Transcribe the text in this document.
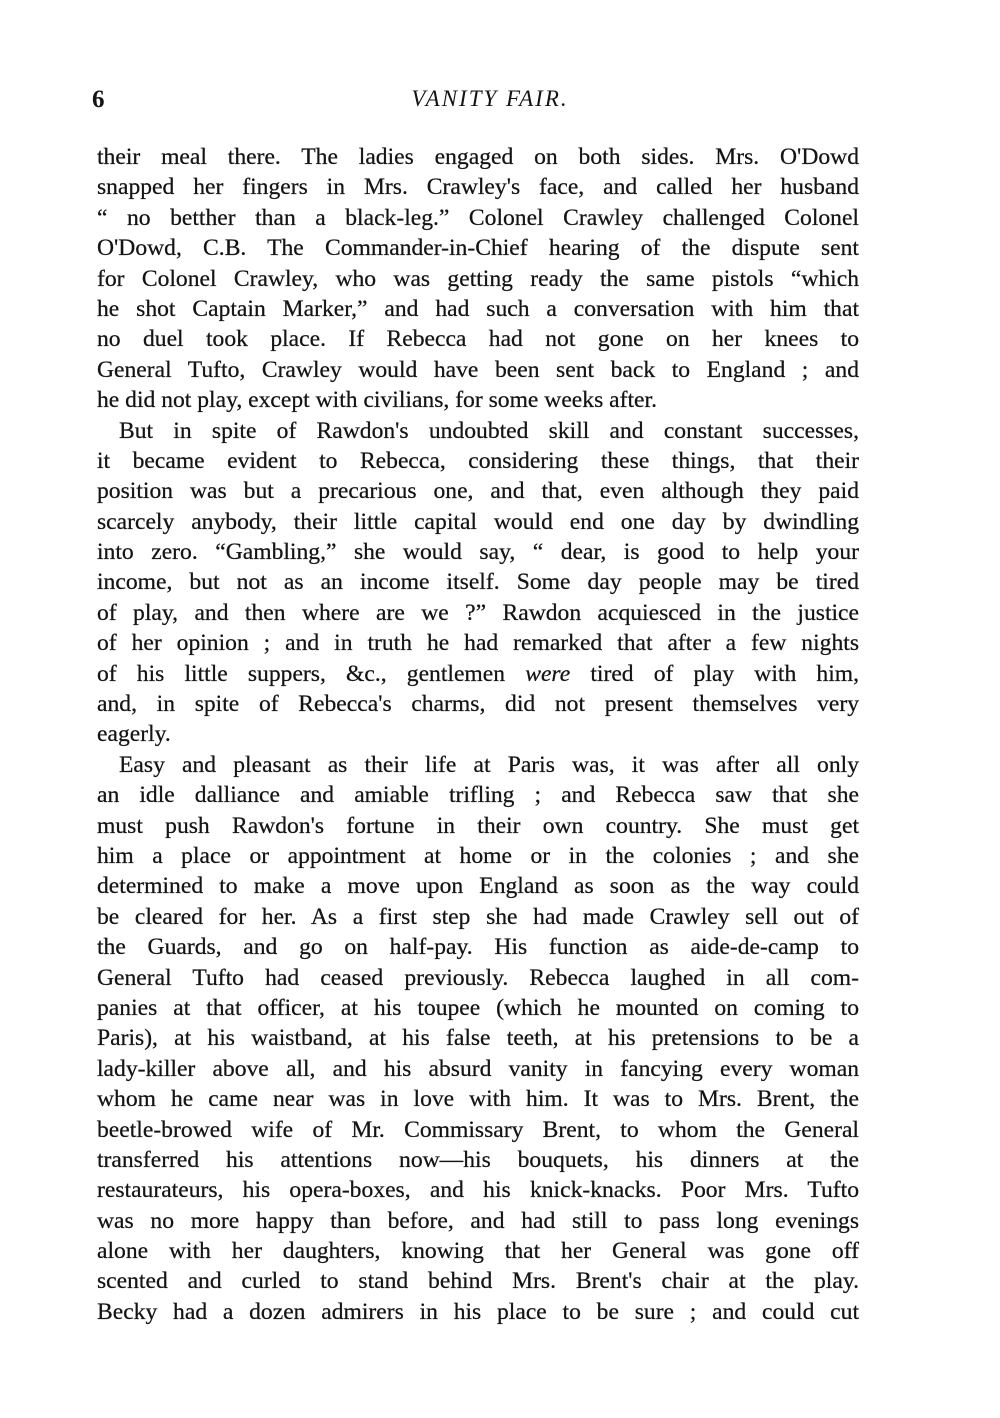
6	VANITY FAIR.
their meal there. The ladies engaged on both sides. Mrs. O'Dowd
snapped her fingers in Mrs. Crawley's face, and called her husband
“ no betther than a black-leg.” Colonel Crawley challenged Colonel
O'Dowd, C.B. The Commander-in-Chief hearing of the dispute sent
for Colonel Crawley, who was getting ready the same pistols “which
he shot Captain Marker,” and had such a conversation with him that
no duel took place. If Rebecca had not gone on her knees to
General Tufto, Crawley would have been sent back to England ; and
he did not play, except with civilians, for some weeks after.
But in spite of Rawdon's undoubted skill and constant successes,
it became evident to Rebecca, considering these things, that their
position was but a precarious one, and that, even although they paid
scarcely anybody, their little capital would end one day by dwindling
into zero. “Gambling,” she would say, “ dear, is good to help your
income, but not as an income itself. Some day people may be tired
of play, and then where are we ?” Rawdon acquiesced in the justice
of her opinion ; and in truth he had remarked that after a few nights
of his little suppers, &c., gentlemen were tired of play with him,
and, in spite of Rebecca's charms, did not present themselves very
eagerly.
Easy and pleasant as their life at Paris was, it was after all only
an idle dalliance and amiable trifling ; and Rebecca saw that she
must push Rawdon's fortune in their own country. She must get
him a place or appointment at home or in the colonies ; and she
determined to make a move upon England as soon as the way could
be cleared for her. As a first step she had made Crawley sell out of
the Guards, and go on half-pay. His function as aide-de-camp to
General Tufto had ceased previously. Rebecca laughed in all com-
panies at that officer, at his toupee (which he mounted on coming to
Paris), at his waistband, at his false teeth, at his pretensions to be a
lady-killer above all, and his absurd vanity in fancying every woman
whom he came near was in love with him. It was to Mrs. Brent, the
beetle-browed wife of Mr. Commissary Brent, to whom the General
transferred his attentions now—his bouquets, his dinners at the
restaurateurs, his opera-boxes, and his knick-knacks. Poor Mrs. Tufto
was no more happy than before, and had still to pass long evenings
alone with her daughters, knowing that her General was gone off
scented and curled to stand behind Mrs. Brent's chair at the play.
Becky had a dozen admirers in his place to be sure ; and could cut
